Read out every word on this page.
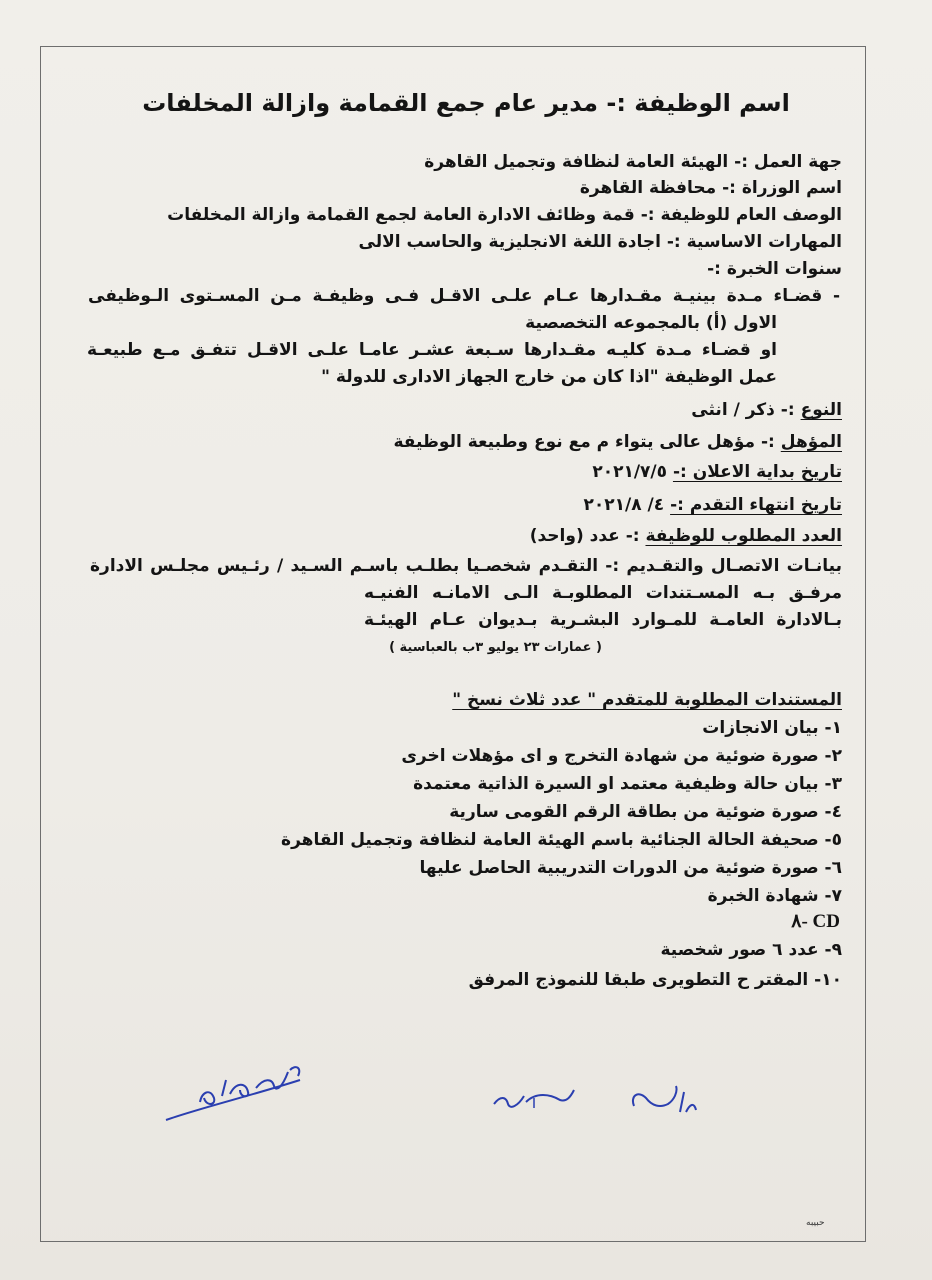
اسم الوظيفة :- مدير عام جمع القمامة وازالة المخلفات
جهة العمل :- الهيئة العامة لنظافة وتجميل القاهرة
اسم الوزراة :- محافظة القاهرة
الوصف العام للوظيفة :- قمة وظائف الادارة العامة لجمع القمامة وازالة المخلفات
المهارات الاساسية :- اجادة اللغة الانجليزية والحاسب الالى
سنوات الخبرة :-
- قضـاء مـدة بينيـة مقـدارها عـام علـى الاقـل فـى وظيفـة مـن المسـتوى الـوظيفى
الاول (أ) بالمجموعه التخصصية
او قضـاء مـدة كليـه مقـدارها سـبعة عشـر عامـا علـى الاقـل تتفـق مـع طبيعـة
عمل الوظيفة "اذا كان من خارج الجهاز الادارى للدولة "
النوع :- ذكر / انثى
المؤهل :- مؤهل عالى يتواء م مع نوع وطبيعة الوظيفة
تاريخ بداية الاعلان :- ٢٠٢١/٧/٥
تاريخ انتهاء التقدم :- ٤/ ٢٠٢١/٨
العدد المطلوب للوظيفة :- عدد (واحد)
بيانـات الاتصـال والتقـديم :- التقـدم شخصـيا بطلـب باسـم السـيد / رئـيس مجلـس الادارة
مرفـق بـه المسـتندات المطلوبـة الـى الامانـه الفنيـه
بـالادارة العامـة للمـوارد البشـرية بـديوان عـام الهيئـة
( عمارات ٢٣ يوليو ٣ب بالعباسية )
المستندات المطلوبة للمتقدم " عدد ثلاث نسخ "
١- بيان الانجازات
٢- صورة ضوئية من شهادة التخرج و اى مؤهلات اخرى
٣- بيان حالة وظيفية معتمد او السيرة الذاتية معتمدة
٤- صورة ضوئية من بطاقة الرقم القومى سارية
٥- صحيفة الحالة الجنائية باسم الهيئة العامة لنظافة وتجميل القاهرة
٦- صورة ضوئية من الدورات التدريبية الحاصل عليها
٧- شهادة الخبرة
CD -٨
٩- عدد ٦ صور شخصية
١٠- المقتر ح التطويرى طبقا للنموذج المرفق
حبيبه
